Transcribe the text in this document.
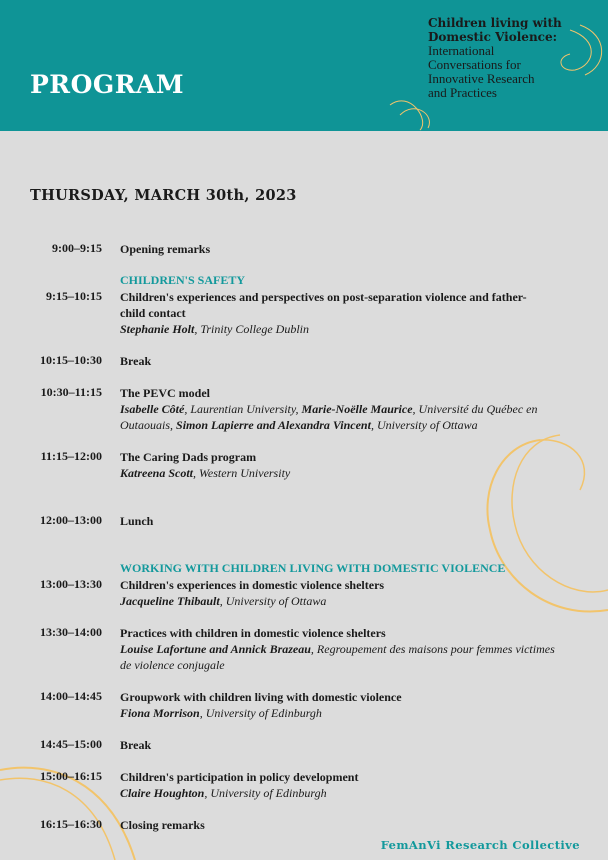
PROGRAM
Children living with
Domestic Violence:
International
Conversations for
Innovative Research
and Practices
THURSDAY, MARCH 30th, 2023
9:00–9:15 Opening remarks
CHILDREN'S SAFETY
9:15–10:15 Children's experiences and perspectives on post-separation violence and father-child contact
Stephanie Holt, Trinity College Dublin
10:15–10:30 Break
10:30–11:15 The PEVC model
Isabelle Côté, Laurentian University, Marie-Noëlle Maurice, Université du Québec en Outaouais, Simon Lapierre and Alexandra Vincent, University of Ottawa
11:15–12:00 The Caring Dads program
Katreena Scott, Western University
12:00–13:00 Lunch
WORKING WITH CHILDREN LIVING WITH DOMESTIC VIOLENCE
13:00–13:30 Children's experiences in domestic violence shelters
Jacqueline Thibault, University of Ottawa
13:30–14:00 Practices with children in domestic violence shelters
Louise Lafortune and Annick Brazeau, Regroupement des maisons pour femmes victimes de violence conjugale
14:00–14:45 Groupwork with children living with domestic violence
Fiona Morrison, University of Edinburgh
14:45–15:00 Break
15:00–16:15 Children's participation in policy development
Claire Houghton, University of Edinburgh
16:15–16:30 Closing remarks
FemAnVi Research Collective
